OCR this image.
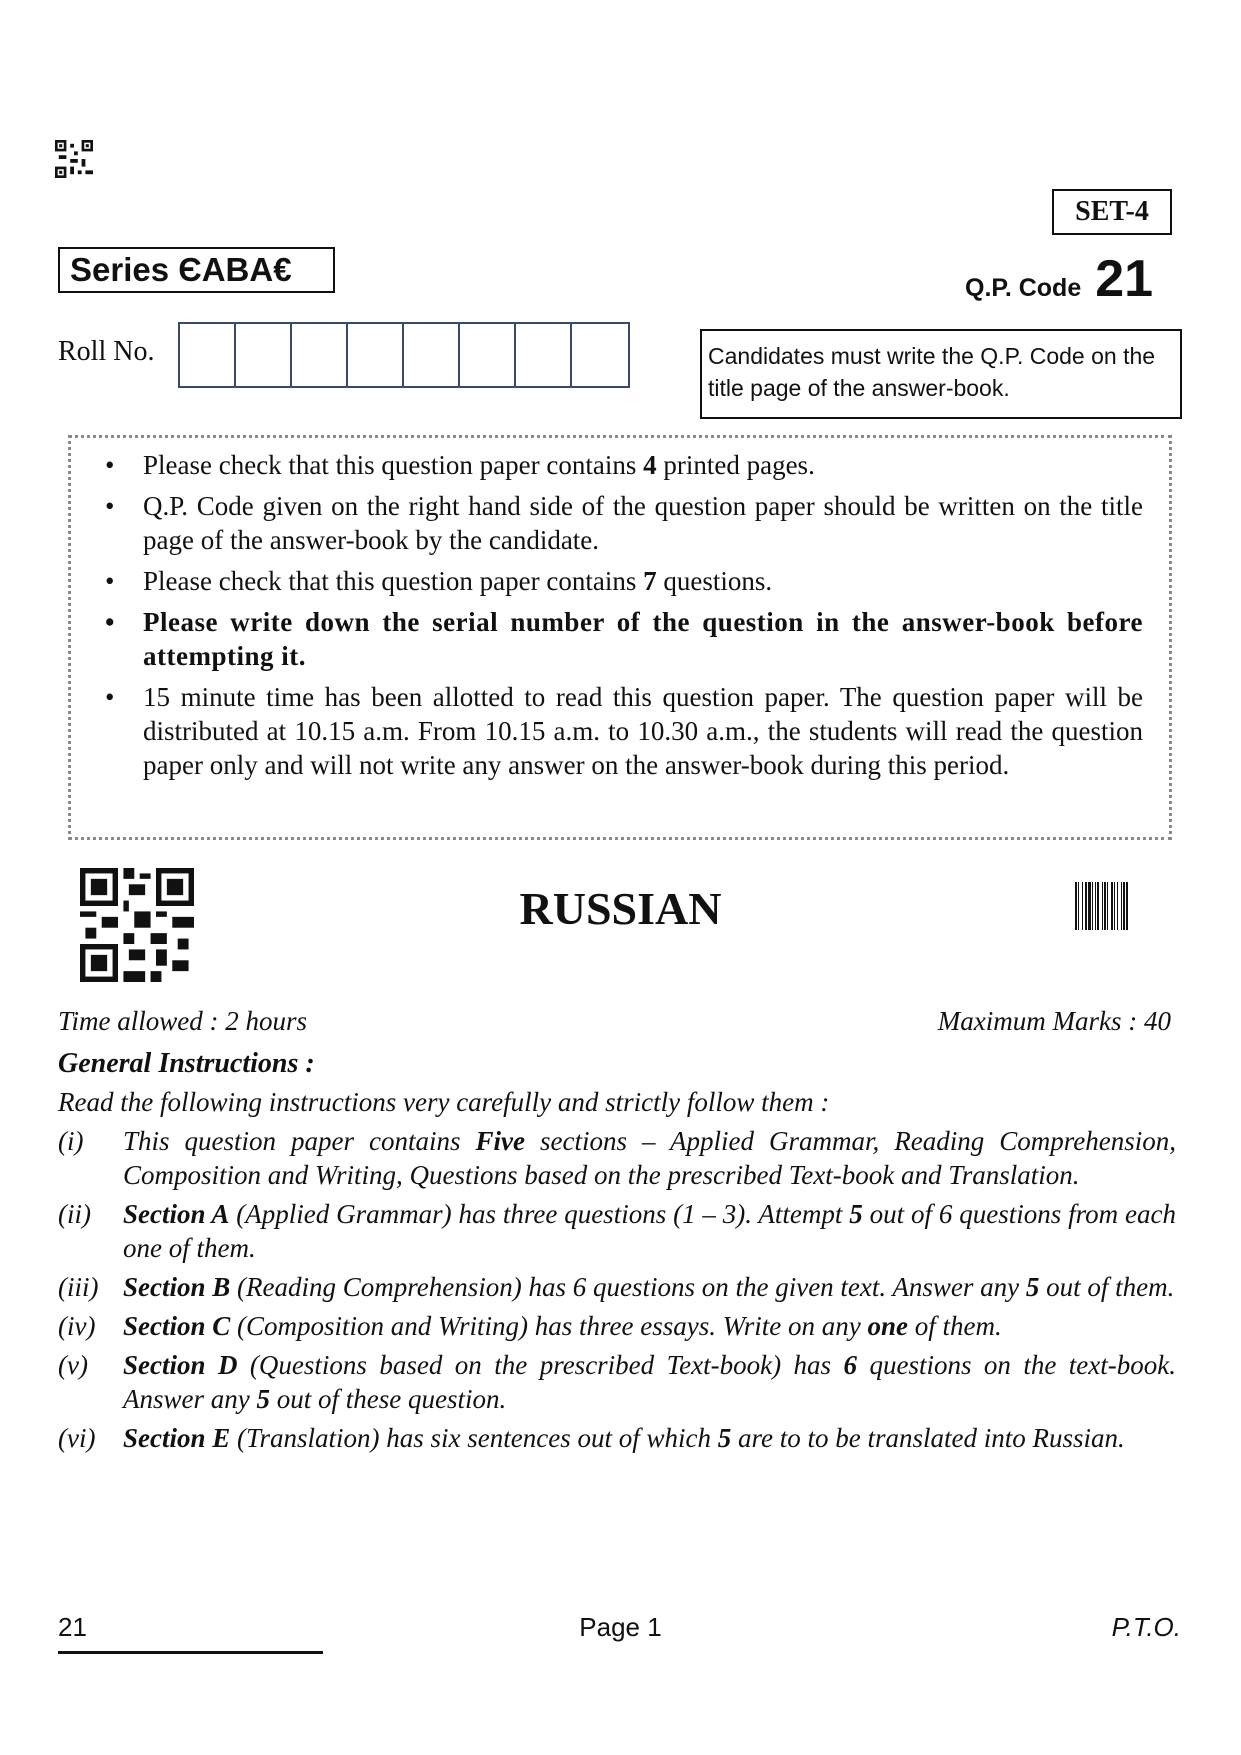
SET-4
Series ЄABA€	Q.P. Code 21
Roll No.	Candidates must write the Q.P. Code on the title page of the answer-book.
• Please check that this question paper contains 4 printed pages.
• Q.P. Code given on the right hand side of the question paper should be written on the title page of the answer-book by the candidate.
• Please check that this question paper contains 7 questions.
• Please write down the serial number of the question in the answer-book before attempting it.
• 15 minute time has been allotted to read this question paper. The question paper will be distributed at 10.15 a.m. From 10.15 a.m. to 10.30 a.m., the students will read the question paper only and will not write any answer on the answer-book during this period.
RUSSIAN
Time allowed : 2 hours	Maximum Marks : 40
General Instructions :
Read the following instructions very carefully and strictly follow them :
(i)	This question paper contains Five sections – Applied Grammar, Reading Comprehension, Composition and Writing, Questions based on the prescribed Text-book and Translation.
(ii)	Section A (Applied Grammar) has three questions (1 – 3). Attempt 5 out of 6 questions from each one of them.
(iii) Section B (Reading Comprehension) has 6 questions on the given text. Answer any 5 out of them.
(iv)	Section C (Composition and Writing) has three essays. Write on any one of them.
(v)	Section D (Questions based on the prescribed Text-book) has 6 questions on the text-book. Answer any 5 out of these question.
(vi)	Section E (Translation) has six sentences out of which 5 are to to be translated into Russian.
21	Page 1	P.T.O.
